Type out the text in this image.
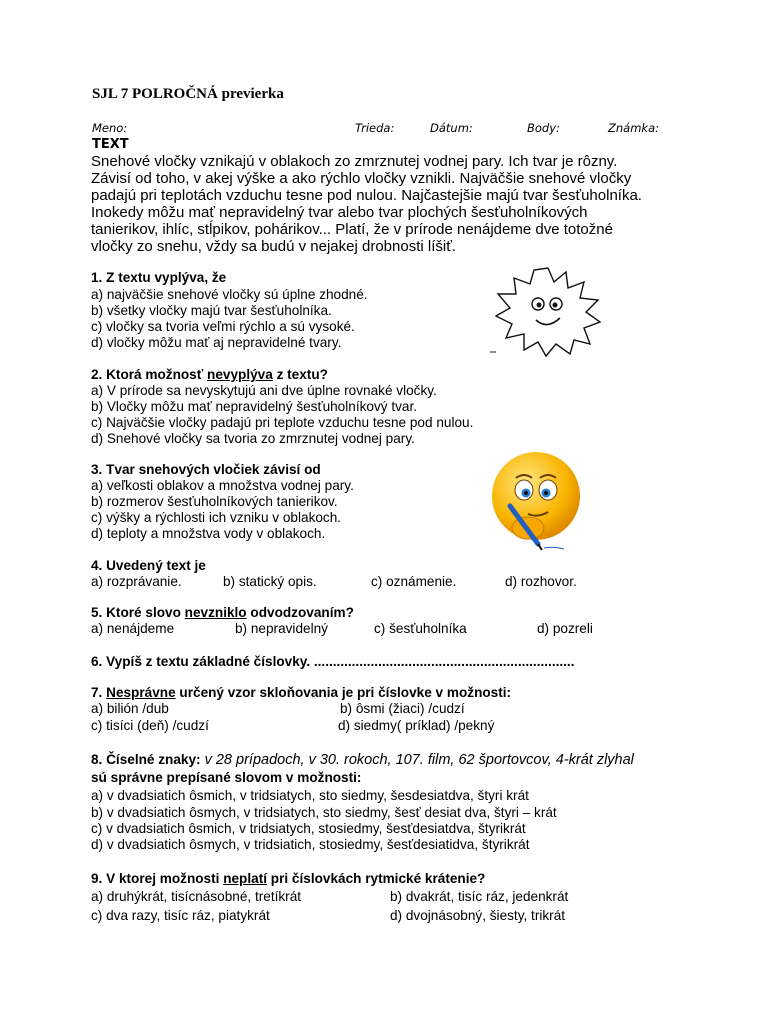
SJL 7 POLROČNÁ previerka
Meno:	Trieda:	Dátum:	Body:	Známka:
TEXT
Snehové vločky vznikajú v oblakoch zo zmrznutej vodnej pary. Ich tvar je rôzny.
Závisí od toho, v akej výške a ako rýchlo vločky vznikli. Najväčšie snehové vločky
padajú pri teplotách vzduchu tesne pod nulou. Najčastejšie majú tvar šesťuholníka.
Inokedy môžu mať nepravidelný tvar alebo tvar plochých šesťuholníkových
tanierikov, ihlíc, stĺpikov, pohárikov... Platí, že v prírode nenájdeme dve totožné
vločky zo snehu, vždy sa budú v nejakej drobnosti líšiť.
1. Z textu vyplýva, že
a) najväčšie snehové vločky sú úplne zhodné.
b) všetky vločky majú tvar šesťuholníka.
c) vločky sa tvoria veľmi rýchlo a sú vysoké.
d) vločky môžu mať aj nepravidelné tvary.
2. Ktorá možnosť nevyplýva z textu?
a) V prírode sa nevyskytujú ani dve úplne rovnaké vločky.
b) Vločky môžu mať nepravidelný šesťuholníkový tvar.
c) Najväčšie vločky padajú pri teplote vzduchu tesne pod nulou.
d) Snehové vločky sa tvoria zo zmrznutej vodnej pary.
3. Tvar snehových vločiek závisí od
a) veľkosti oblakov a množstva vodnej pary.
b) rozmerov šesťuholníkových tanierikov.
c) výšky a rýchlosti ich vzniku v oblakoch.
d) teploty a množstva vody v oblakoch.
4. Uvedený text je
a) rozprávanie.	b) statický opis.	c) oznámenie.	d) rozhovor.
5. Ktoré slovo nevzniklo odvodzovaním?
a) nenájdeme	b) nepravidelný	c) šesťuholníka	d) pozreli
6. Vypíš z textu základné číslovky. .....................................................................
7. Nesprávne určený vzor skloňovania je pri číslovke v možnosti:
a) bilión /dub	b) ôsmi (žiaci) /cudzí
c) tisíci (deň) /cudzí	d) siedmy( príklad) /pekný
8. Číselné znaky: v 28 prípadoch, v 30. rokoch, 107. film, 62 športovcov, 4-krát zlyhal
sú správne prepísané slovom v možnosti:
a) v dvadsiatich ôsmich, v tridsiatych, sto siedmy, šesdesiatdva, štyri krát
b) v dvadsiatich ôsmych, v tridsiatych, sto siedmy, šesť desiat dva, štyri – krát
c) v dvadsiatich ôsmich, v tridsiatych, stosiedmy, šesťdesiatdva, štyrikrát
d) v dvadsiatich ôsmych, v tridsiatich, stosiedmy, šesťdesiatidva, štyrikrát
9. V ktorej možnosti neplatí pri číslovkách rytmické krátenie?
a) druhýkrát, tisícnásobné, tretíkrát	b) dvakrát, tisíc ráz, jedenkrát
c) dva razy, tisíc ráz, piatykrát	d) dvojnásobný, šiesty, trikrát
